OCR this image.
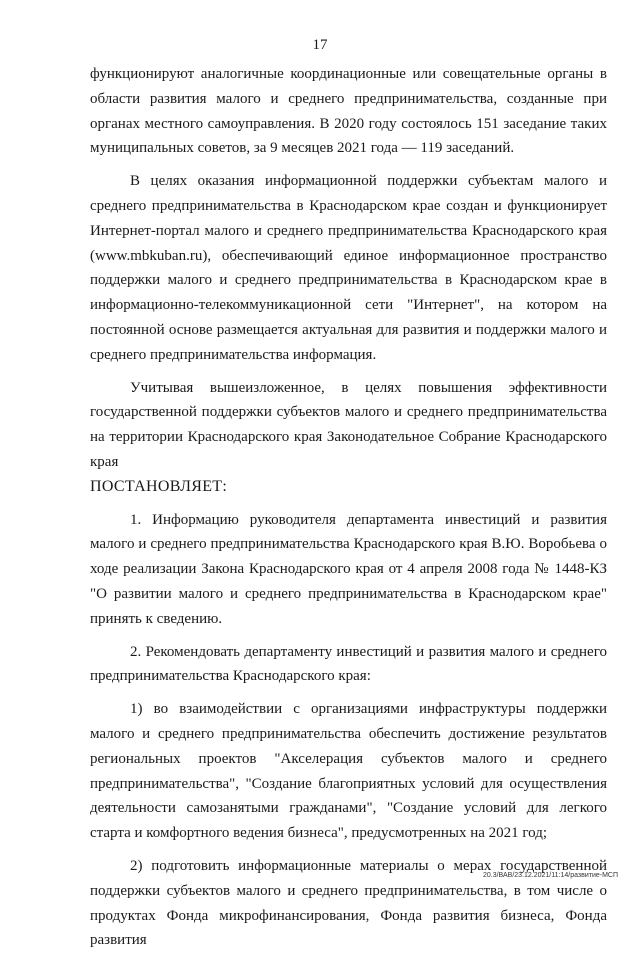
17

функционируют аналогичные координационные или совещательные органы в области развития малого и среднего предпринимательства, созданные при органах местного самоуправления. В 2020 году состоялось 151 заседание таких муниципальных советов, за 9 месяцев 2021 года — 119 заседаний.

В целях оказания информационной поддержки субъектам малого и среднего предпринимательства в Краснодарском крае создан и функционирует Интернет-портал малого и среднего предпринимательства Краснодарского края (www.mbkuban.ru), обеспечивающий единое информационное пространство поддержки малого и среднего предпринимательства в Краснодарском крае в информационно-телекоммуникационной сети "Интернет", на котором на постоянной основе размещается актуальная для развития и поддержки малого и среднего предпринимательства информация.

Учитывая вышеизложенное, в целях повышения эффективности государственной поддержки субъектов малого и среднего предпринимательства на территории Краснодарского края Законодательное Собрание Краснодарского края

ПОСТАНОВЛЯЕТ:

1. Информацию руководителя департамента инвестиций и развития малого и среднего предпринимательства Краснодарского края В.Ю. Воробьева о ходе реализации Закона Краснодарского края от 4 апреля 2008 года № 1448-КЗ "О развитии малого и среднего предпринимательства в Краснодарском крае" принять к сведению.

2. Рекомендовать департаменту инвестиций и развития малого и среднего предпринимательства Краснодарского края:

1) во взаимодействии с организациями инфраструктуры поддержки малого и среднего предпринимательства обеспечить достижение результатов региональных проектов "Акселерация субъектов малого и среднего предпринимательства", "Создание благоприятных условий для осуществления деятельности самозанятыми гражданами", "Создание условий для легкого старта и комфортного ведения бизнеса", предусмотренных на 2021 год;

2) подготовить информационные материалы о мерах государственной поддержки субъектов малого и среднего предпринимательства, в том числе о продуктах Фонда микрофинансирования, Фонда развития бизнеса, Фонда развития

20.3/ВАВ/23.12.2021/11:14/развитие-МСП
